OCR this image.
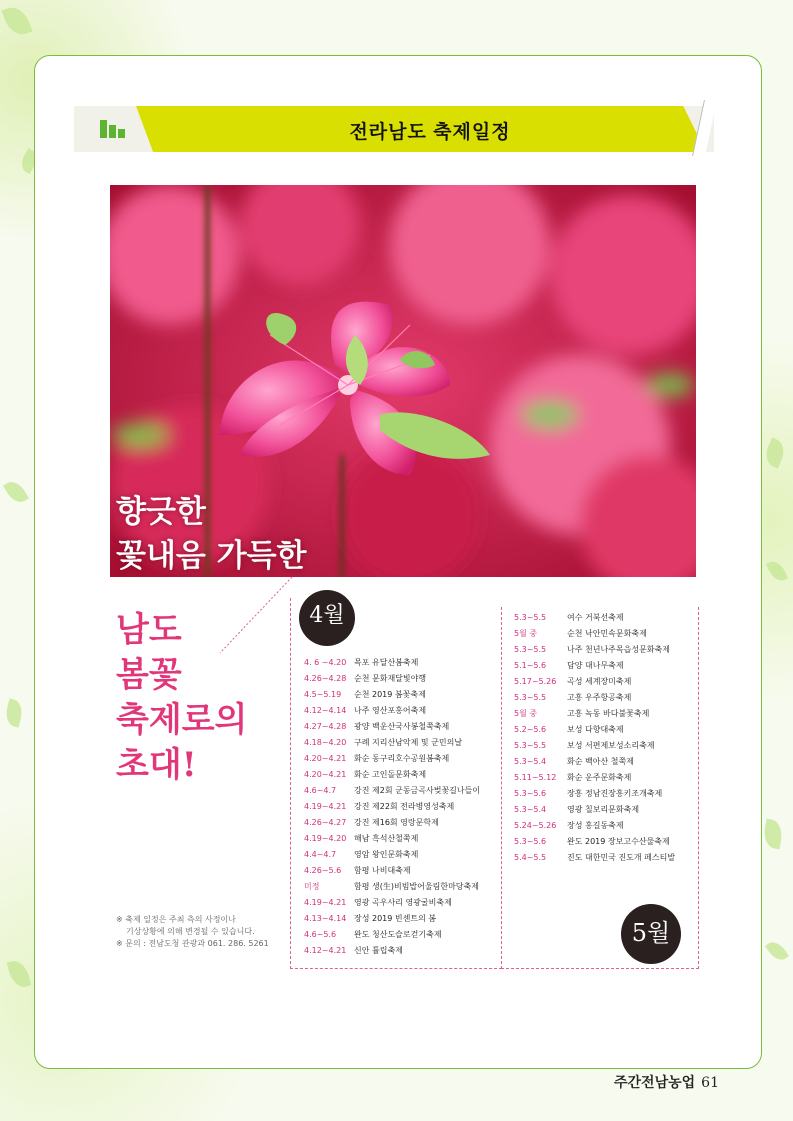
전라남도 축제일정
향긋한
꽃내음 가득한
남도
봄꽃
축제로의
초대!
※ 축제 일정은 주최 측의 사정이나
기상상황에 의해 변경될 수 있습니다.
※ 문의 : 전남도청 관광과 061. 286. 5261
4월
5월
4. 6 ~4.20 목포 유달산봄축제
4.26~4.28 순천 문화재달빛야행
4.5~5.19 순천 2019 봄꽃축제
4.12~4.14 나주 영산포홍어축제
4.27~4.28 광양 백운산국사봉철쭉축제
4.18~4.20 구례 지리산남악제 및 군민의날
4.20~4.21 화순 동구리호수공원봄축제
4.20~4.21 화순 고인돌문화축제
4.6~4.7 강진 제2회 군동금곡사벚꽃길나들이
4.19~4.21 강진 제22회 전라병영성축제
4.26~4.27 강진 제16회 영랑문학제
4.19~4.20 해남 흑석산철쭉제
4.4~4.7 영암 왕인문화축제
4.26~5.6 함평 나비대축제
미정	함평 생(生)비빔밥어울림한마당축제
4.19~4.21 영광 곡우사리 영광굴비축제
4.13~4.14 장성 2019 빈센트의 봄
4.6~5.6 완도 청산도슬로걷기축제
4.12~4.21 신안 튤립축제
5.3~5.5	여수 거북선축제
5월 중	순천 낙안민속문화축제
5.3~5.5	나주 천년나주목읍성문화축제
5.1~5.6	담양 대나무축제
5.17~5.26 곡성 세계장미축제
5.3~5.5	고흥 우주항공축제
5월 중	고흥 녹동 바다불꽃축제
5.2~5.6	보성 다향대축제
5.3~5.5	보성 서편제보성소리축제
5.3~5.4	화순 백아산 철쭉제
5.11~5.12 화순 운주문화축제
5.3~5.6	장흥 정남진장흥키조개축제
5.3~5.4	영광 칠보리문화축제
5.24~5.26 장성 홍길동축제
5.3~5.6	완도 2019 장보고수산물축제
5.4~5.5	진도 대한민국 진도개 페스티발
주간전남농업 61
